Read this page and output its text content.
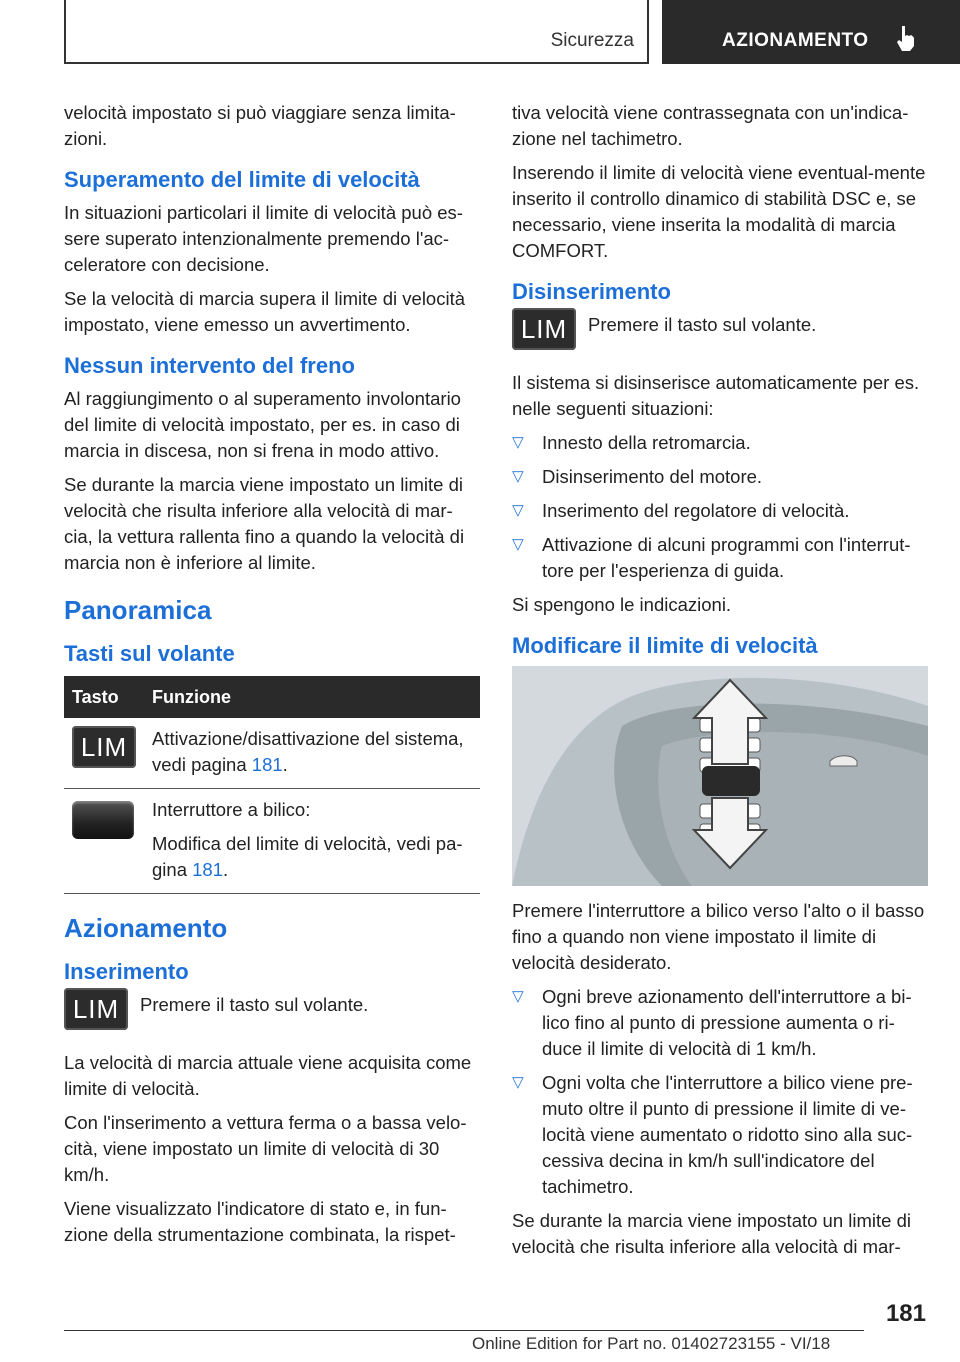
Sicurezza	AZIONAMENTO

velocità impostato si può viaggiare senza limita-zioni.

Superamento del limite di velocità

In situazioni particolari il limite di velocità può es-sere superato intenzionalmente premendo l'ac-celeratore con decisione.

Se la velocità di marcia supera il limite di velocità impostato, viene emesso un avvertimento.

Nessun intervento del freno

Al raggiungimento o al superamento involontario del limite di velocità impostato, per es. in caso di marcia in discesa, non si frena in modo attivo.

Se durante la marcia viene impostato un limite di velocità che risulta inferiore alla velocità di mar-cia, la vettura rallenta fino a quando la velocità di marcia non è inferiore al limite.

Panoramica
Tasti sul volante
Tasto	Funzione
LIM	Attivazione/disattivazione del sistema, vedi pagina 181.

	Interruttore a bilico:

Modifica del limite di velocità, vedi pa-gina 181.
Azionamento
Inserimento
LIM	Premere il tasto sul volante.

La velocità di marcia attuale viene acquisita come limite di velocità.

Con l'inserimento a vettura ferma o a bassa velo-cità, viene impostato un limite di velocità di 30 km/h.

Viene visualizzato l'indicatore di stato e, in fun-zione della strumentazione combinata, la rispet-

tiva velocità viene contrassegnata con un'indica-zione nel tachimetro.

Inserendo il limite di velocità viene eventual-mente inserito il controllo dinamico di stabilità DSC e, se necessario, viene inserita la modalità di marcia COMFORT.

Disinserimento
LIM	Premere il tasto sul volante.

Il sistema si disinserisce automaticamente per es. nelle seguenti situazioni:

▷ Innesto della retromarcia.
▷ Disinserimento del motore.
▷ Inserimento del regolatore di velocità.
▷ Attivazione di alcuni programmi con l'interrut-tore per l'esperienza di guida.

Si spengono le indicazioni.

Modificare il limite di velocità

Premere l'interruttore a bilico verso l'alto o il basso fino a quando non viene impostato il limite di velocità desiderato.

▷ Ogni breve azionamento dell'interruttore a bi-lico fino al punto di pressione aumenta o ri-duce il limite di velocità di 1 km/h.
▷ Ogni volta che l'interruttore a bilico viene pre-muto oltre il punto di pressione il limite di ve-locità viene aumentato o ridotto sino alla suc-cessiva decina in km/h sull'indicatore del tachimetro.

Se durante la marcia viene impostato un limite di velocità che risulta inferiore alla velocità di mar-

181
Online Edition for Part no. 01402723155 - VI/18
